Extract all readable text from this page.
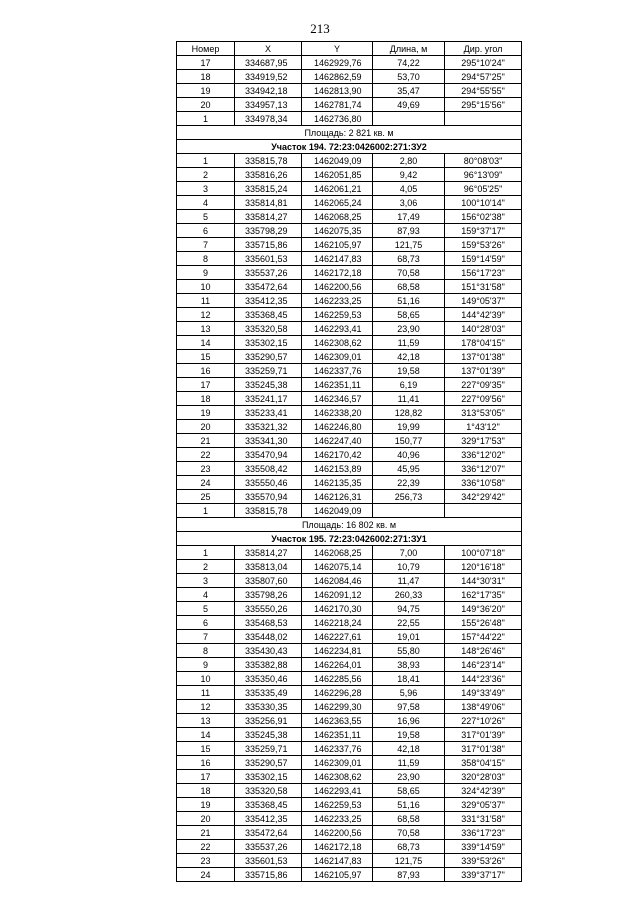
213
Номер	X	Y	Длина, м	Дир. угол
17	334687,95	1462929,76	74,22	295°10'24"
18	334919,52	1462862,59	53,70	294°57'25"
19	334942,18	1462813,90	35,47	294°55'55"
20	334957,13	1462781,74	49,69	295°15'56"
1	334978,34	1462736,80		
Площадь: 2 821 кв. м				
Участок 194. 72:23:0426002:271:ЗУ2				
1	335815,78	1462049,09	2,80	80°08'03"
2	335816,26	1462051,85	9,42	96°13'09"
3	335815,24	1462061,21	4,05	96°05'25"
4	335814,81	1462065,24	3,06	100°10'14"
5	335814,27	1462068,25	17,49	156°02'38"
6	335798,29	1462075,35	87,93	159°37'17"
7	335715,86	1462105,97	121,75	159°53'26"
8	335601,53	1462147,83	68,73	159°14'59"
9	335537,26	1462172,18	70,58	156°17'23"
10	335472,64	1462200,56	68,58	151°31'58"
11	335412,35	1462233,25	51,16	149°05'37"
12	335368,45	1462259,53	58,65	144°42'39"
13	335320,58	1462293,41	23,90	140°28'03"
14	335302,15	1462308,62	11,59	178°04'15"
15	335290,57	1462309,01	42,18	137°01'38"
16	335259,71	1462337,76	19,58	137°01'39"
17	335245,38	1462351,11	6,19	227°09'35"
18	335241,17	1462346,57	11,41	227°09'56"
19	335233,41	1462338,20	128,82	313°53'05"
20	335321,32	1462246,80	19,99	1°43'12"
21	335341,30	1462247,40	150,77	329°17'53"
22	335470,94	1462170,42	40,96	336°12'02"
23	335508,42	1462153,89	45,95	336°12'07"
24	335550,46	1462135,35	22,39	336°10'58"
25	335570,94	1462126,31	256,73	342°29'42"
1	335815,78	1462049,09		
Площадь: 16 802 кв. м				
Участок 195. 72:23:0426002:271:ЗУ1				
1	335814,27	1462068,25	7,00	100°07'18"
2	335813,04	1462075,14	10,79	120°16'18"
3	335807,60	1462084,46	11,47	144°30'31"
4	335798,26	1462091,12	260,33	162°17'35"
5	335550,26	1462170,30	94,75	149°36'20"
6	335468,53	1462218,24	22,55	155°26'48"
7	335448,02	1462227,61	19,01	157°44'22"
8	335430,43	1462234,81	55,80	148°26'46"
9	335382,88	1462264,01	38,93	146°23'14"
10	335350,46	1462285,56	18,41	144°23'36"
11	335335,49	1462296,28	5,96	149°33'49"
12	335330,35	1462299,30	97,58	138°49'06"
13	335256,91	1462363,55	16,96	227°10'26"
14	335245,38	1462351,11	19,58	317°01'39"
15	335259,71	1462337,76	42,18	317°01'38"
16	335290,57	1462309,01	11,59	358°04'15"
17	335302,15	1462308,62	23,90	320°28'03"
18	335320,58	1462293,41	58,65	324°42'39"
19	335368,45	1462259,53	51,16	329°05'37"
20	335412,35	1462233,25	68,58	331°31'58"
21	335472,64	1462200,56	70,58	336°17'23"
22	335537,26	1462172,18	68,73	339°14'59"
23	335601,53	1462147,83	121,75	339°53'26"
24	335715,86	1462105,97	87,93	339°37'17"
